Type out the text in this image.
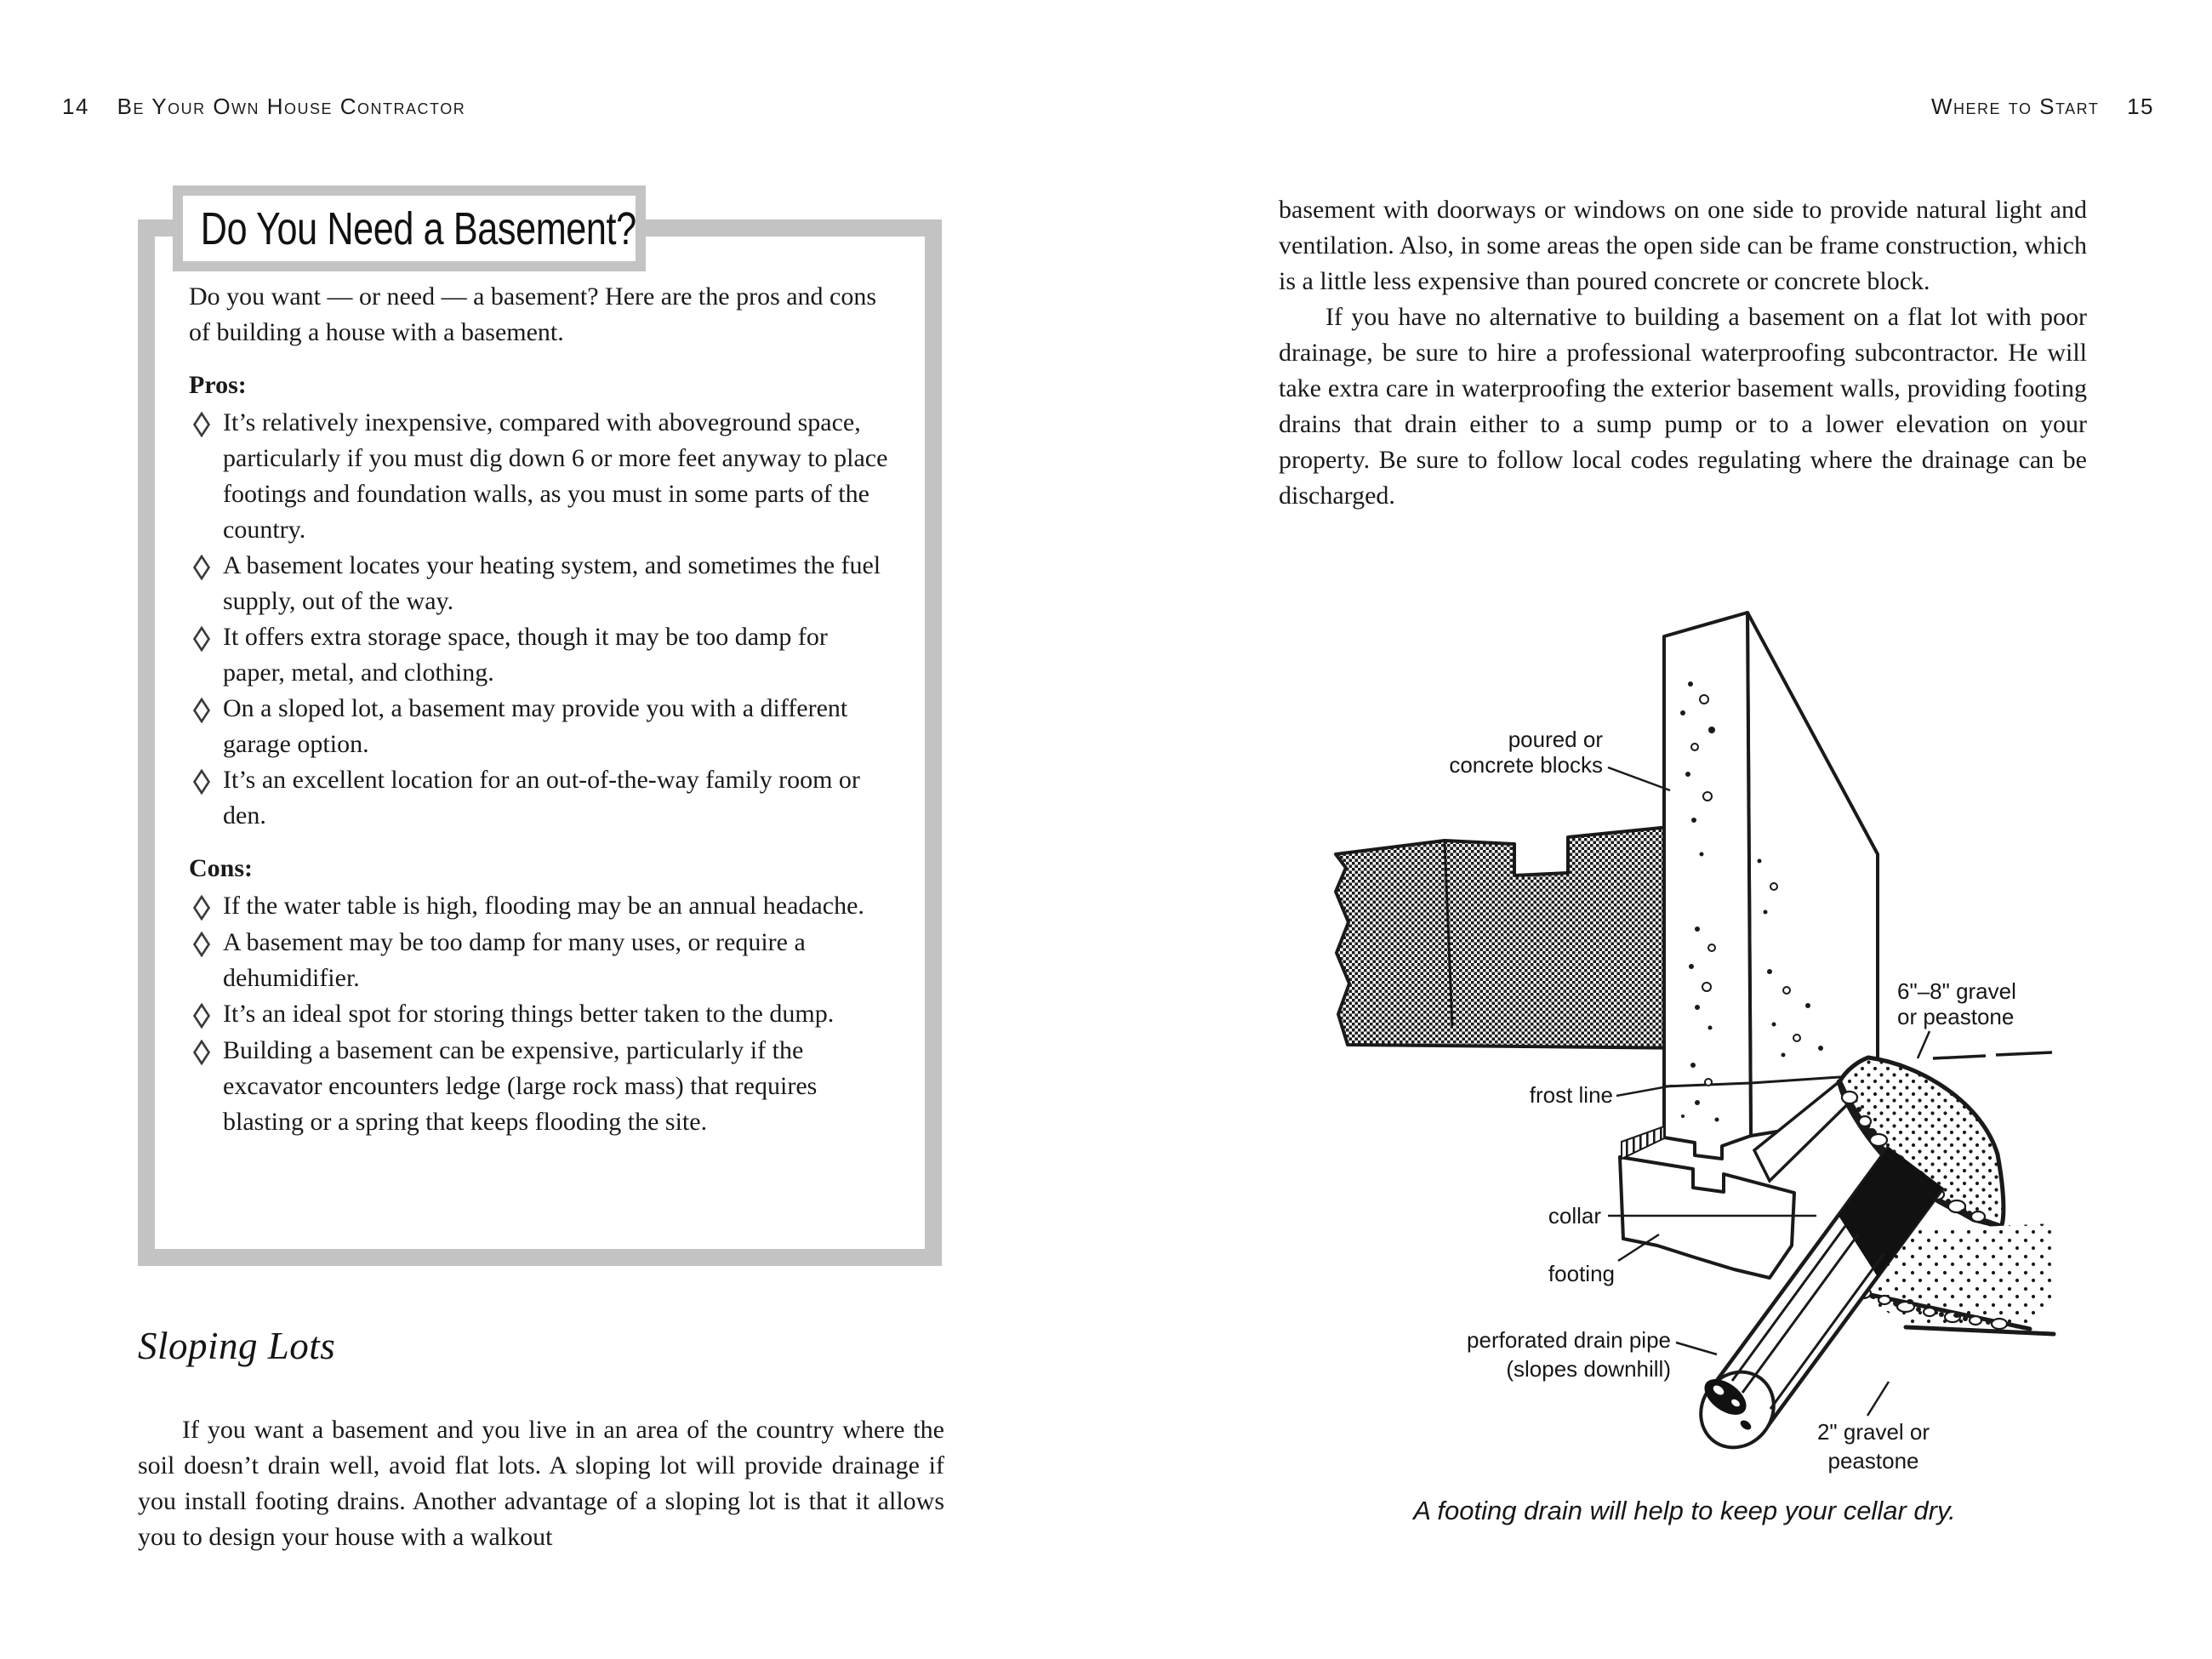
14 Be Your Own House Contractor	Where to Start 15

Do you want — or need — a basement? Here are the pros and cons of building a house with a basement.

Pros:

It’s relatively inexpensive, compared with aboveground space, particularly if you must dig down 6 or more feet anyway to place footings and foundation walls, as you must in some parts of the country.
A basement locates your heating system, and sometimes the fuel supply, out of the way.
It offers extra storage space, though it may be too damp for paper, metal, and clothing.
On a sloped lot, a basement may provide you with a different garage option.
It’s an excellent location for an out-of-the-way family room or den.

Cons:

If the water table is high, flooding may be an annual headache.
A basement may be too damp for many uses, or require a dehumidifier.
It’s an ideal spot for storing things better taken to the dump.
Building a basement can be expensive, particularly if the excavator encounters ledge (large rock mass) that requires blasting or a spring that keeps flooding the site.
Do You Need a Basement?
Sloping Lots

If you want a basement and you live in an area of the country where the soil doesn’t drain well, avoid flat lots. A sloping lot will provide drainage if you install footing drains. Another advantage of a sloping lot is that it allows you to design your house with a walkout

basement with doorways or windows on one side to provide natural light and ventilation. Also, in some areas the open side can be frame construction, which is a little less expensive than poured concrete or concrete block.

If you have no alternative to building a basement on a flat lot with poor drainage, be sure to hire a professional waterproofing subcontractor. He will take extra care in waterproofing the exterior basement walls, providing footing drains that drain either to a sump pump or to a lower elevation on your property. Be sure to follow local codes regulating where the drainage can be discharged.

poured or
concrete blocks
6"–8" gravel
or peastone
frost line
collar
footing
perforated drain pipe
(slopes downhill)
2" gravel or
peastone
A footing drain will help to keep your cellar dry.
